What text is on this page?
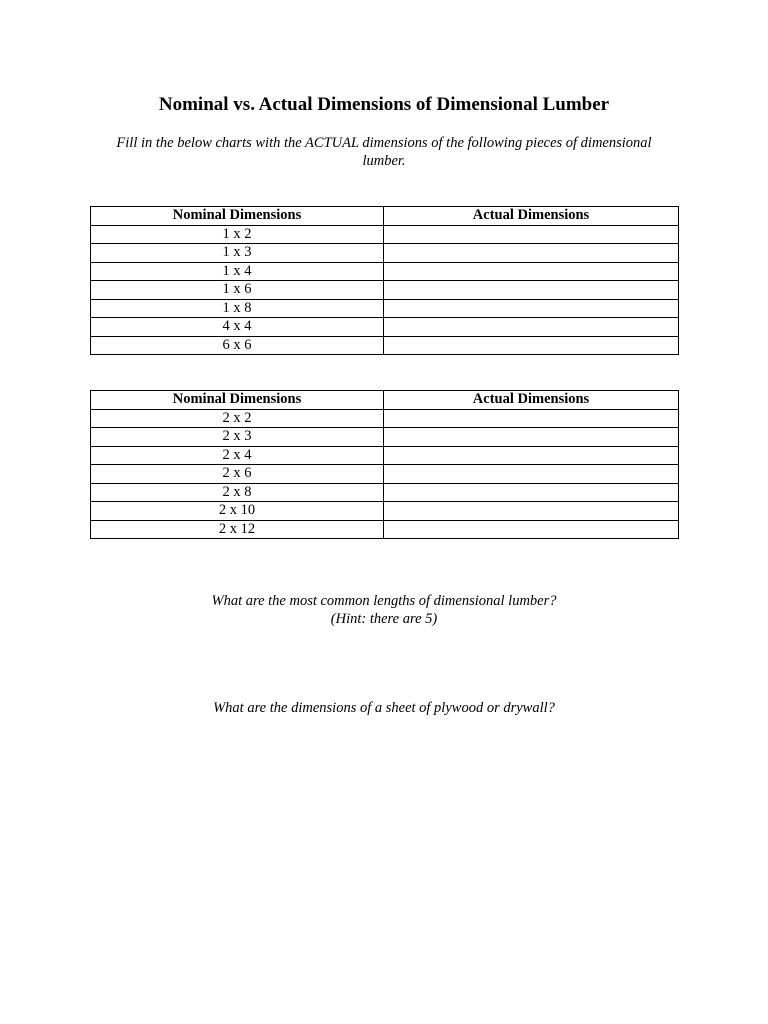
Nominal vs. Actual Dimensions of Dimensional Lumber
Fill in the below charts with the ACTUAL dimensions of the following pieces of dimensional lumber.
Nominal Dimensions	Actual Dimensions
1 x 2	
1 x 3	
1 x 4	
1 x 6	
1 x 8	
4 x 4	
6 x 6	
Nominal Dimensions	Actual Dimensions
2 x 2	
2 x 3	
2 x 4	
2 x 6	
2 x 8	
2 x 10	
2 x 12	
What are the most common lengths of dimensional lumber?
(Hint: there are 5)
What are the dimensions of a sheet of plywood or drywall?
